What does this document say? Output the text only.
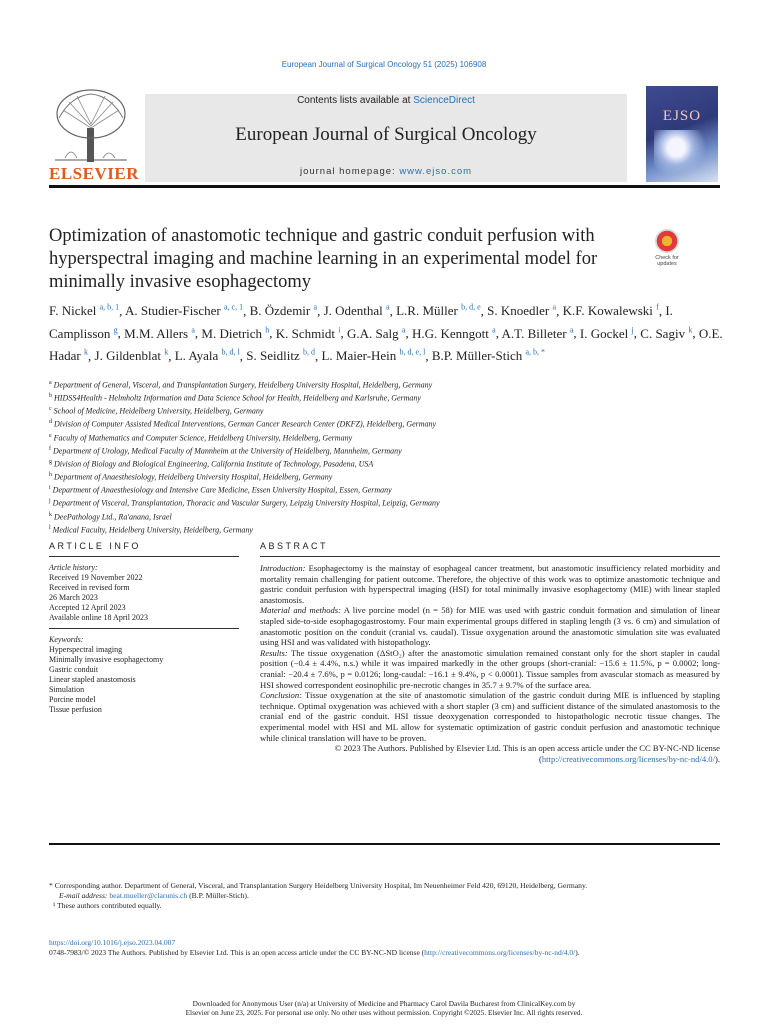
European Journal of Surgical Oncology 51 (2025) 106908
ELSEVIER
Contents lists available at ScienceDirect
European Journal of Surgical Oncology
journal homepage: www.ejso.com
EJSO
Optimization of anastomotic technique and gastric conduit perfusion with hyperspectral imaging and machine learning in an experimental model for minimally invasive esophagectomy
Check for
updates
F. Nickel $^{a, b, 1}$, A. Studier-Fischer $^{a, c, 1}$, B. Özdemir $^a$, J. Odenthal $^a$, L.R. Müller $^{b, d, e}$, S. Knoedler $^a$, K.F. Kowalewski $^f$, I. Camplisson $^g$, M.M. Allers $^a$, M. Dietrich $^h$, K. Schmidt $^i$, G.A. Salg $^a$, H.G. Kenngott $^a$, A.T. Billeter $^a$, I. Gockel $^j$, C. Sagiv $^k$, O.E. Hadar $^k$, J. Gildenblat $^k$, L. Ayala $^{b, d, l}$, S. Seidlitz $^{b, d}$, L. Maier-Hein $^{b, d, e, l}$, B.P. Müller-Stich $^{a, b, *}$
$^a$ Department of General, Visceral, and Transplantation Surgery, Heidelberg University Hospital, Heidelberg, Germany
$^b$ HIDSS4Health - Helmholtz Information and Data Science School for Health, Heidelberg and Karlsruhe, Germany
$^c$ School of Medicine, Heidelberg University, Heidelberg, Germany
$^d$ Division of Computer Assisted Medical Interventions, German Cancer Research Center (DKFZ), Heidelberg, Germany
$^e$ Faculty of Mathematics and Computer Science, Heidelberg University, Heidelberg, Germany
$^f$ Department of Urology, Medical Faculty of Mannheim at the University of Heidelberg, Mannheim, Germany
$^g$ Division of Biology and Biological Engineering, California Institute of Technology, Pasadena, USA
$^h$ Department of Anaesthesiology, Heidelberg University Hospital, Heidelberg, Germany
$^i$ Department of Anaesthesiology and Intensive Care Medicine, Essen University Hospital, Essen, Germany
$^j$ Department of Visceral, Transplantation, Thoracic and Vascular Surgery, Leipzig University Hospital, Leipzig, Germany
$^k$ DeePathology Ltd., Ra'anana, Israel
$^l$ Medical Faculty, Heidelberg University, Heidelberg, Germany
ARTICLE INFO	ABSTRACT
Article history:
Received 19 November 2022
Received in revised form
26 March 2023
Accepted 12 April 2023
Available online 18 April 2023
Keywords:
Hyperspectral imaging
Minimally invasive esophagectomy
Gastric conduit
Linear stapled anastomosis
Simulation
Porcine model
Tissue perfusion

Introduction: Esophagectomy is the mainstay of esophageal cancer treatment, but anastomotic insufficiency related morbidity and mortality remain challenging for patient outcome. Therefore, the objective of this work was to optimize anastomotic technique and gastric conduit perfusion with hyperspectral imaging (HSI) for total minimally invasive esophagectomy (MIE) with linear stapled anastomosis.

Material and methods: A live porcine model (n = 58) for MIE was used with gastric conduit formation and simulation of linear stapled side-to-side esophagogastrostomy. Four main experimental groups differed in stapling length (3 vs. 6 cm) and simulation of anastomotic position on the conduit (cranial vs. caudal). Tissue oxygenation around the anastomotic simulation site was evaluated using HSI and was validated with histopathology.

Results: The tissue oxygenation (ΔStO₂) after the anastomotic simulation remained constant only for the short stapler in caudal position (−0.4 ± 4.4%, n.s.) while it was impaired markedly in the other groups (short-cranial: −15.6 ± 11.5%, p = 0.0002; long-cranial: −20.4 ± 7.6%, p = 0.0126; long-caudal: −16.1 ± 9.4%, p < 0.0001). Tissue samples from avascular stomach as measured by HSI showed correspondent eosinophilic pre-necrotic changes in 35.7 ± 9.7% of the surface area.

Conclusion: Tissue oxygenation at the site of anastomotic simulation of the gastric conduit during MIE is influenced by stapling technique. Optimal oxygenation was achieved with a short stapler (3 cm) and sufficient distance of the simulated anastomosis to the cranial end of the gastric conduit. HSI tissue deoxygenation corresponded to histopathologic necrotic tissue changes. The experimental model with HSI and ML allow for systematic optimization of gastric conduit perfusion and anastomotic technique while clinical translation will have to be proven.

© 2023 The Authors. Published by Elsevier Ltd. This is an open access article under the CC BY-NC-ND license (http://creativecommons.org/licenses/by-nc-nd/4.0/).

* Corresponding author. Department of General, Visceral, and Transplantation Surgery Heidelberg University Hospital, Im Neuenheimer Feld 420, 69120, Heidelberg, Germany.

E-mail address: beat.mueller@clarunis.ch (B.P. Müller-Stich).

¹ These authors contributed equally.

https://doi.org/10.1016/j.ejso.2023.04.007

0748-7983/© 2023 The Authors. Published by Elsevier Ltd. This is an open access article under the CC BY-NC-ND license (http://creativecommons.org/licenses/by-nc-nd/4.0/).

Downloaded for Anonymous User (n/a) at University of Medicine and Pharmacy Carol Davila Bucharest from ClinicalKey.com by
Elsevier on June 23, 2025. For personal use only. No other uses without permission. Copyright ©2025. Elsevier Inc. All rights reserved.
